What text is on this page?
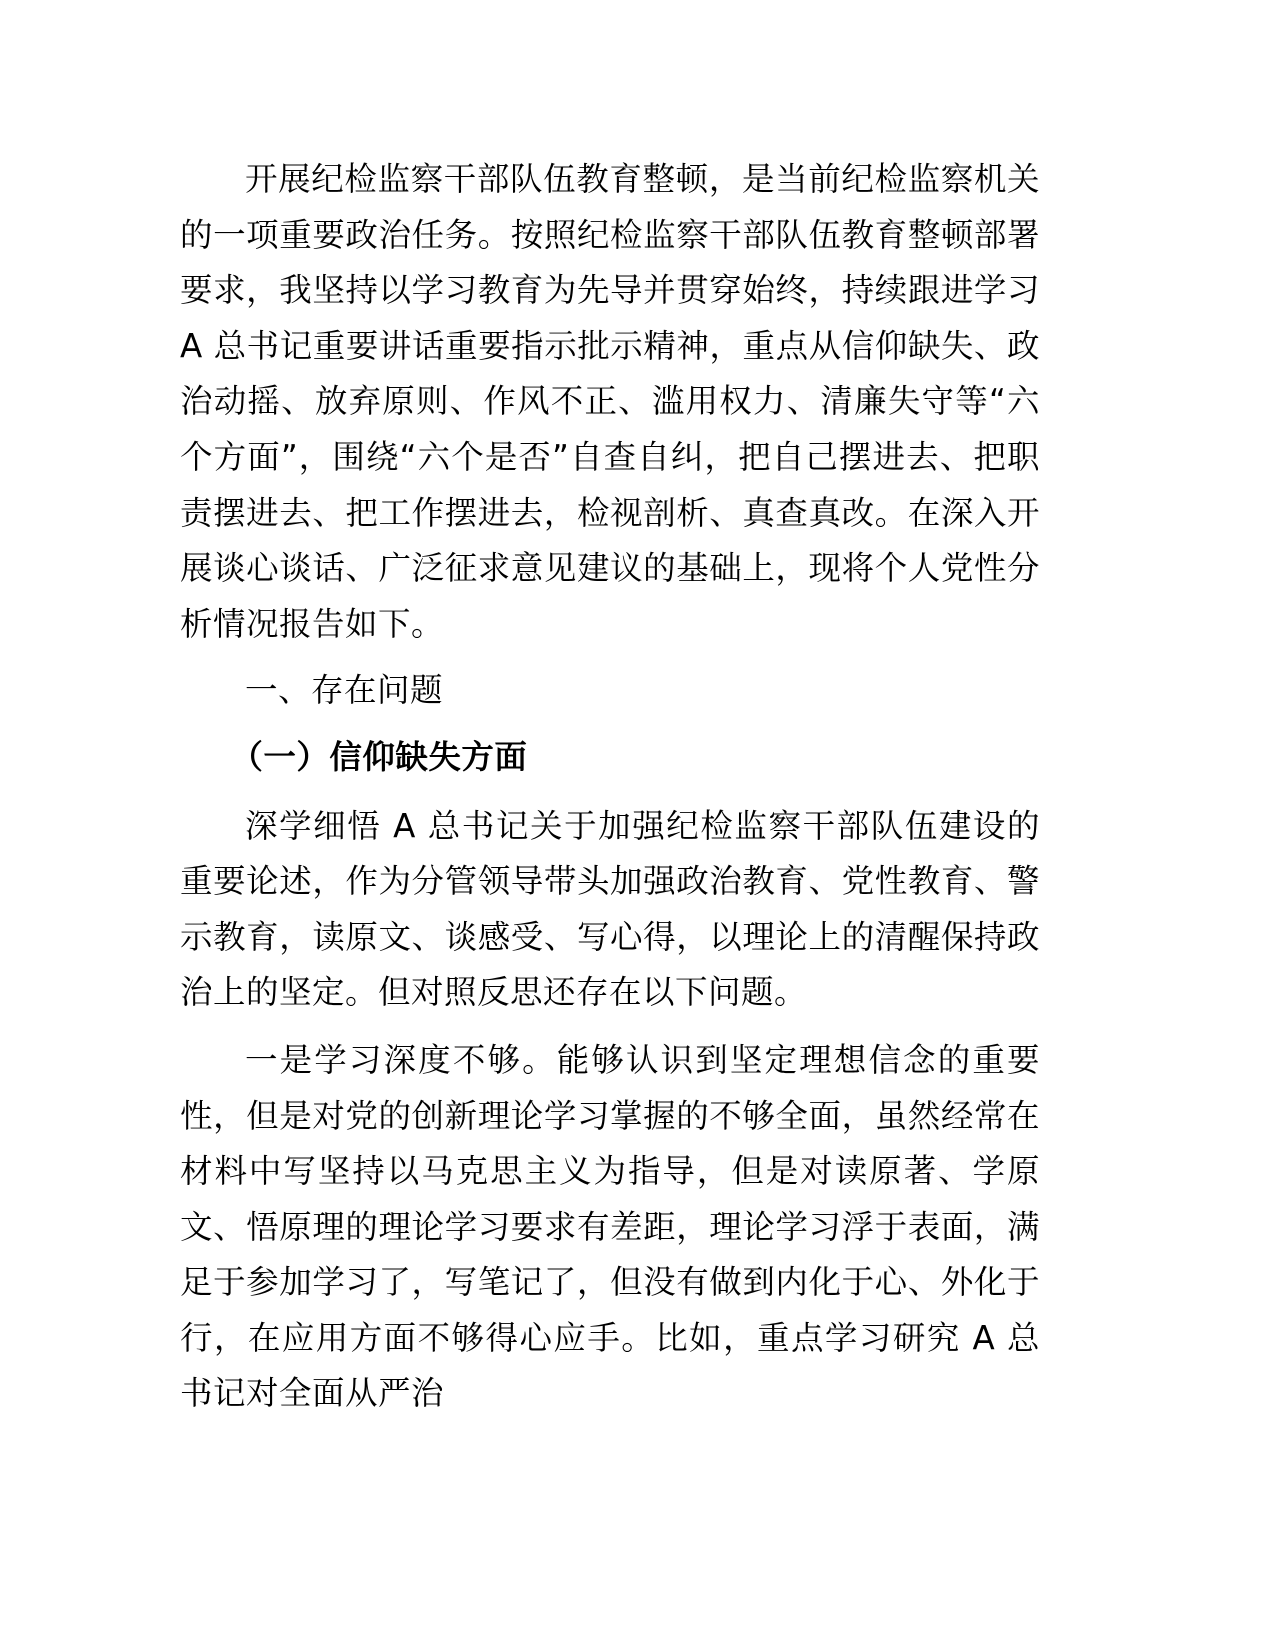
开展纪检监察干部队伍教育整顿，是当前纪检监察机关的一项重要政治任务。按照纪检监察干部队伍教育整顿部署要求，我坚持以学习教育为先导并贯穿始终，持续跟进学习 A 总书记重要讲话重要指示批示精神，重点从信仰缺失、政治动摇、放弃原则、作风不正、滥用权力、清廉失守等“六个方面”，围绕“六个是否”自查自纠，把自己摆进去、把职责摆进去、把工作摆进去，检视剖析、真查真改。在深入开展谈心谈话、广泛征求意见建议的基础上，现将个人党性分析情况报告如下。

一、存在问题

（一）信仰缺失方面

深学细悟 A 总书记关于加强纪检监察干部队伍建设的重要论述，作为分管领导带头加强政治教育、党性教育、警示教育，读原文、谈感受、写心得，以理论上的清醒保持政治上的坚定。但对照反思还存在以下问题。

一是学习深度不够。能够认识到坚定理想信念的重要性，但是对党的创新理论学习掌握的不够全面，虽然经常在材料中写坚持以马克思主义为指导，但是对读原著、学原文、悟原理的理论学习要求有差距，理论学习浮于表面，满足于参加学习了，写笔记了，但没有做到内化于心、外化于行，在应用方面不够得心应手。比如，重点学习研究 A 总书记对全面从严治
